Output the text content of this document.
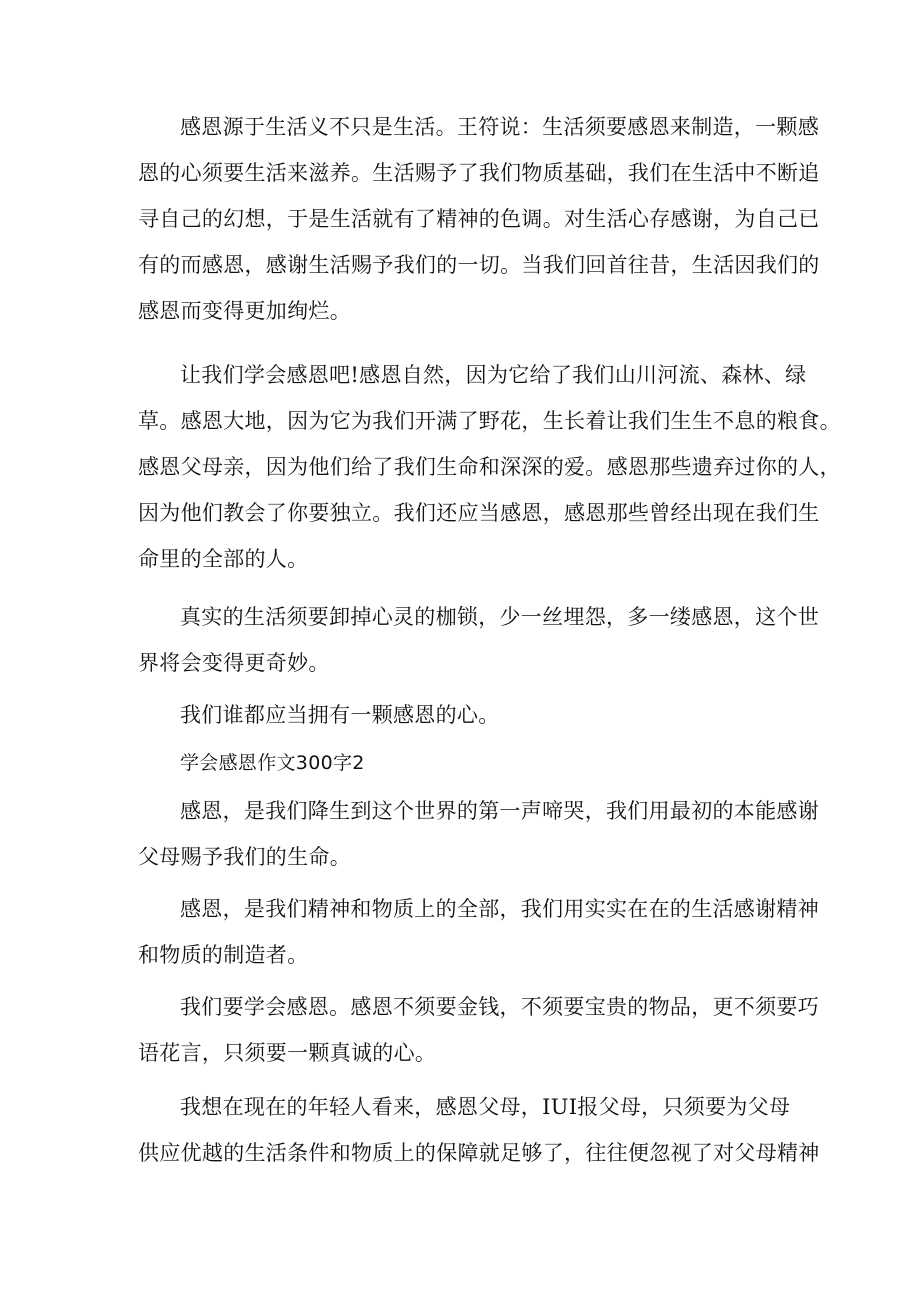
感恩源于生活义不只是生活。王符说：生活须要感恩来制造，一颗感
恩的心须要生活来滋养。生活赐予了我们物质基础，我们在生活中不断追
寻自己的幻想，于是生活就有了精神的色调。对生活心存感谢，为自己已
有的而感恩，感谢生活赐予我们的一切。当我们回首往昔，生活因我们的
感恩而变得更加绚烂。
让我们学会感恩吧!感恩自然，因为它给了我们山川河流、森林、绿
草。感恩大地，因为它为我们开满了野花，生长着让我们生生不息的粮食。
感恩父母亲，因为他们给了我们生命和深深的爱。感恩那些遗弃过你的人，
因为他们教会了你要独立。我们还应当感恩，感恩那些曾经出现在我们生
命里的全部的人。
真实的生活须要卸掉心灵的枷锁，少一丝埋怨，多一缕感恩，这个世
界将会变得更奇妙。
我们谁都应当拥有一颗感恩的心。
学会感恩作文300字2
感恩，是我们降生到这个世界的第一声啼哭，我们用最初的本能感谢
父母赐予我们的生命。
感恩，是我们精神和物质上的全部，我们用实实在在的生活感谢精神
和物质的制造者。
我们要学会感恩。感恩不须要金钱，不须要宝贵的物品，更不须要巧
语花言，只须要一颗真诚的心。
我想在现在的年轻人看来，感恩父母，IUI报父母，只须要为父母
供应优越的生活条件和物质上的保障就足够了，往往便忽视了对父母精神
